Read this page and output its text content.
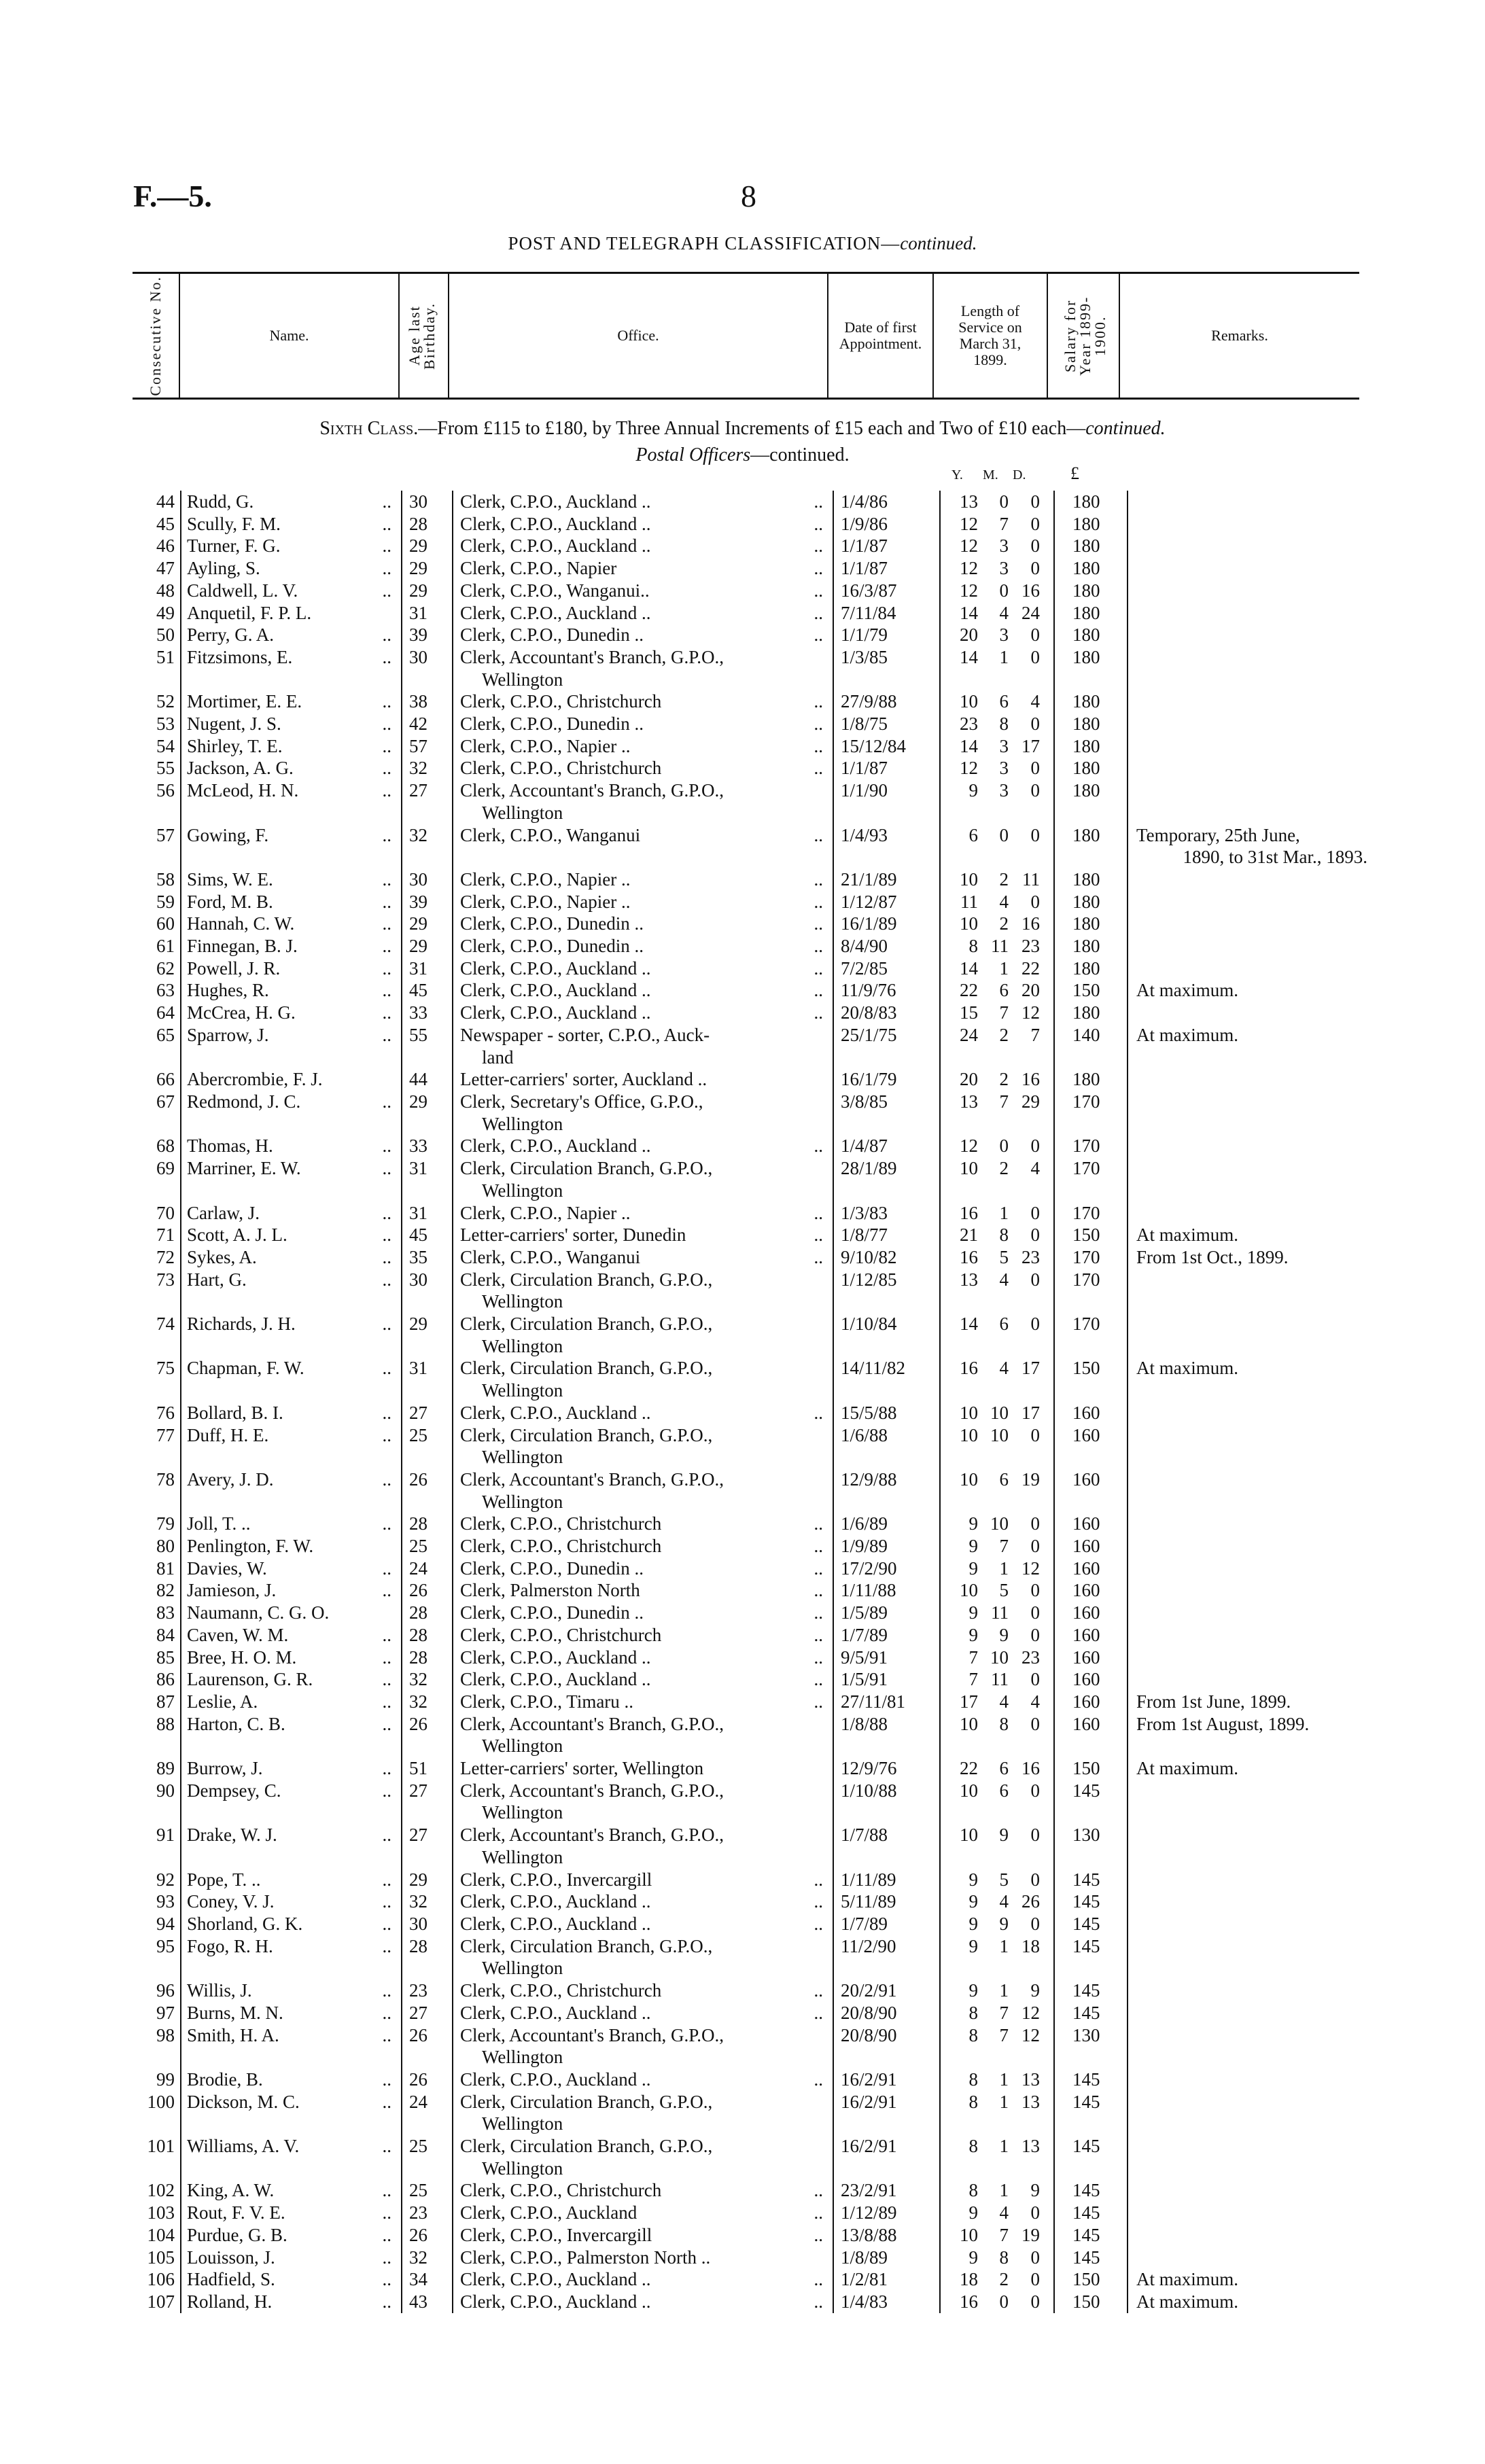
F.—5.	8
POST AND TELEGRAPH CLASSIFICATION—continued.
Consecutive No.	Name.	Age last Birthday.	Office.	Date of first Appointment.
Length of Service on March 31, 1899.	Salary for Year 1899-1900.	Remarks.
Sixth Class.—From £115 to £180, by Three Annual Increments of £15 each and Two of £10 each—continued.
Postal Officers—continued.
Y. M. D.	£
44	Rudd, G. ..	30	Clerk, C.P.O., Auckland .. ..	1/4/86	13	0	0	180	
45	Scully, F. M. ..	28	Clerk, C.P.O., Auckland .. ..	1/9/86	12	7	0	180	
46	Turner, F. G. ..	29	Clerk, C.P.O., Auckland .. ..	1/1/87	12	3	0	180	
47	Ayling, S. ..	29	Clerk, C.P.O., Napier ..	1/1/87	12	3	0	180	
48	Caldwell, L. V. ..	29	Clerk, C.P.O., Wanganui.. ..	16/3/87	12	0	16	180	
49	Anquetil, F. P. L.	31	Clerk, C.P.O., Auckland .. ..	7/11/84	14	4	24	180	
50	Perry, G. A. ..	39	Clerk, C.P.O., Dunedin .. ..	1/1/79	20	3	0	180	
51	Fitzsimons, E. ..	30	Clerk, Accountant's Branch, G.P.O.,
Wellington	1/3/85	14	1	0	180	
52	Mortimer, E. E. ..	38	Clerk, C.P.O., Christchurch ..	27/9/88	10	6	4	180	
53	Nugent, J. S. ..	42	Clerk, C.P.O., Dunedin .. ..	1/8/75	23	8	0	180	
54	Shirley, T. E. ..	57	Clerk, C.P.O., Napier .. ..	15/12/84	14	3	17	180	
55	Jackson, A. G. ..	32	Clerk, C.P.O., Christchurch ..	1/1/87	12	3	0	180	
56	McLeod, H. N. ..	27	Clerk, Accountant's Branch, G.P.O.,
Wellington	1/1/90	9	3	0	180	
57	Gowing, F. ..	32	Clerk, C.P.O., Wanganui ..	1/4/93	6	0	0	180	Temporary, 25th June,
1890, to 31st Mar., 1893.

58	Sims, W. E. ..	30	Clerk, C.P.O., Napier .. ..	21/1/89	10	2	11	180	
59	Ford, M. B. ..	39	Clerk, C.P.O., Napier .. ..	1/12/87	11	4	0	180	
60	Hannah, C. W. ..	29	Clerk, C.P.O., Dunedin .. ..	16/1/89	10	2	16	180	
61	Finnegan, B. J. ..	29	Clerk, C.P.O., Dunedin .. ..	8/4/90	8	11	23	180	
62	Powell, J. R. ..	31	Clerk, C.P.O., Auckland .. ..	7/2/85	14	1	22	180	
63	Hughes, R. ..	45	Clerk, C.P.O., Auckland .. ..	11/9/76	22	6	20	150	At maximum.
64	McCrea, H. G. ..	33	Clerk, C.P.O., Auckland .. ..	20/8/83	15	7	12	180	
65	Sparrow, J. ..	55	Newspaper - sorter, C.P.O., Auck-
land	25/1/75	24	2	7	140	At maximum.
66	Abercrombie, F. J.	44	Letter-carriers' sorter, Auckland ..	16/1/79	20	2	16	180	
67	Redmond, J. C. ..	29	Clerk, Secretary's Office, G.P.O.,
Wellington	3/8/85	13	7	29	170	
68	Thomas, H. ..	33	Clerk, C.P.O., Auckland .. ..	1/4/87	12	0	0	170	
69	Marriner, E. W. ..	31	Clerk, Circulation Branch, G.P.O.,
Wellington	28/1/89	10	2	4	170	
70	Carlaw, J. ..	31	Clerk, C.P.O., Napier .. ..	1/3/83	16	1	0	170	
71	Scott, A. J. L. ..	45	Letter-carriers' sorter, Dunedin ..	1/8/77	21	8	0	150	At maximum.
72	Sykes, A. ..	35	Clerk, C.P.O., Wanganui ..	9/10/82	16	5	23	170	From 1st Oct., 1899.
73	Hart, G. ..	30	Clerk, Circulation Branch, G.P.O.,
Wellington	1/12/85	13	4	0	170	
74	Richards, J. H. ..	29	Clerk, Circulation Branch, G.P.O.,
Wellington	1/10/84	14	6	0	170	
75	Chapman, F. W. ..	31	Clerk, Circulation Branch, G.P.O.,
Wellington	14/11/82	16	4	17	150	At maximum.
76	Bollard, B. I. ..	27	Clerk, C.P.O., Auckland .. ..	15/5/88	10	10	17	160	
77	Duff, H. E. ..	25	Clerk, Circulation Branch, G.P.O.,
Wellington	1/6/88	10	10	0	160	
78	Avery, J. D. ..	26	Clerk, Accountant's Branch, G.P.O.,
Wellington	12/9/88	10	6	19	160	
79	Joll, T. .. ..	28	Clerk, C.P.O., Christchurch ..	1/6/89	9	10	0	160	
80	Penlington, F. W.	25	Clerk, C.P.O., Christchurch ..	1/9/89	9	7	0	160	
81	Davies, W. ..	24	Clerk, C.P.O., Dunedin .. ..	17/2/90	9	1	12	160	
82	Jamieson, J. ..	26	Clerk, Palmerston North ..	1/11/88	10	5	0	160	
83	Naumann, C. G. O.	28	Clerk, C.P.O., Dunedin .. ..	1/5/89	9	11	0	160	
84	Caven, W. M. ..	28	Clerk, C.P.O., Christchurch ..	1/7/89	9	9	0	160	
85	Bree, H. O. M. ..	28	Clerk, C.P.O., Auckland .. ..	9/5/91	7	10	23	160	
86	Laurenson, G. R. ..	32	Clerk, C.P.O., Auckland .. ..	1/5/91	7	11	0	160	
87	Leslie, A. ..	32	Clerk, C.P.O., Timaru .. ..	27/11/81	17	4	4	160	From 1st June, 1899.
88	Harton, C. B. ..	26	Clerk, Accountant's Branch, G.P.O.,
Wellington	1/8/88	10	8	0	160	From 1st August, 1899.
89	Burrow, J. ..	51	Letter-carriers' sorter, Wellington	12/9/76	22	6	16	150	At maximum.
90	Dempsey, C. ..	27	Clerk, Accountant's Branch, G.P.O.,
Wellington	1/10/88	10	6	0	145	
91	Drake, W. J. ..	27	Clerk, Accountant's Branch, G.P.O.,
Wellington	1/7/88	10	9	0	130	
92	Pope, T. .. ..	29	Clerk, C.P.O., Invercargill ..	1/11/89	9	5	0	145	
93	Coney, V. J. ..	32	Clerk, C.P.O., Auckland .. ..	5/11/89	9	4	26	145	
94	Shorland, G. K. ..	30	Clerk, C.P.O., Auckland .. ..	1/7/89	9	9	0	145	
95	Fogo, R. H. ..	28	Clerk, Circulation Branch, G.P.O.,
Wellington	11/2/90	9	1	18	145	
96	Willis, J. ..	23	Clerk, C.P.O., Christchurch ..	20/2/91	9	1	9	145	
97	Burns, M. N. ..	27	Clerk, C.P.O., Auckland .. ..	20/8/90	8	7	12	145	
98	Smith, H. A. ..	26	Clerk, Accountant's Branch, G.P.O.,
Wellington	20/8/90	8	7	12	130	
99	Brodie, B. ..	26	Clerk, C.P.O., Auckland .. ..	16/2/91	8	1	13	145	
100	Dickson, M. C. ..	24	Clerk, Circulation Branch, G.P.O.,
Wellington	16/2/91	8	1	13	145	
101	Williams, A. V. ..	25	Clerk, Circulation Branch, G.P.O.,
Wellington	16/2/91	8	1	13	145	
102	King, A. W. ..	25	Clerk, C.P.O., Christchurch ..	23/2/91	8	1	9	145	
103	Rout, F. V. E. ..	23	Clerk, C.P.O., Auckland ..	1/12/89	9	4	0	145	
104	Purdue, G. B. ..	26	Clerk, C.P.O., Invercargill ..	13/8/88	10	7	19	145	
105	Louisson, J. ..	32	Clerk, C.P.O., Palmerston North ..	1/8/89	9	8	0	145	
106	Hadfield, S. ..	34	Clerk, C.P.O., Auckland .. ..	1/2/81	18	2	0	150	At maximum.
107	Rolland, H. ..	43	Clerk, C.P.O., Auckland .. ..	1/4/83	16	0	0	150	At maximum.
